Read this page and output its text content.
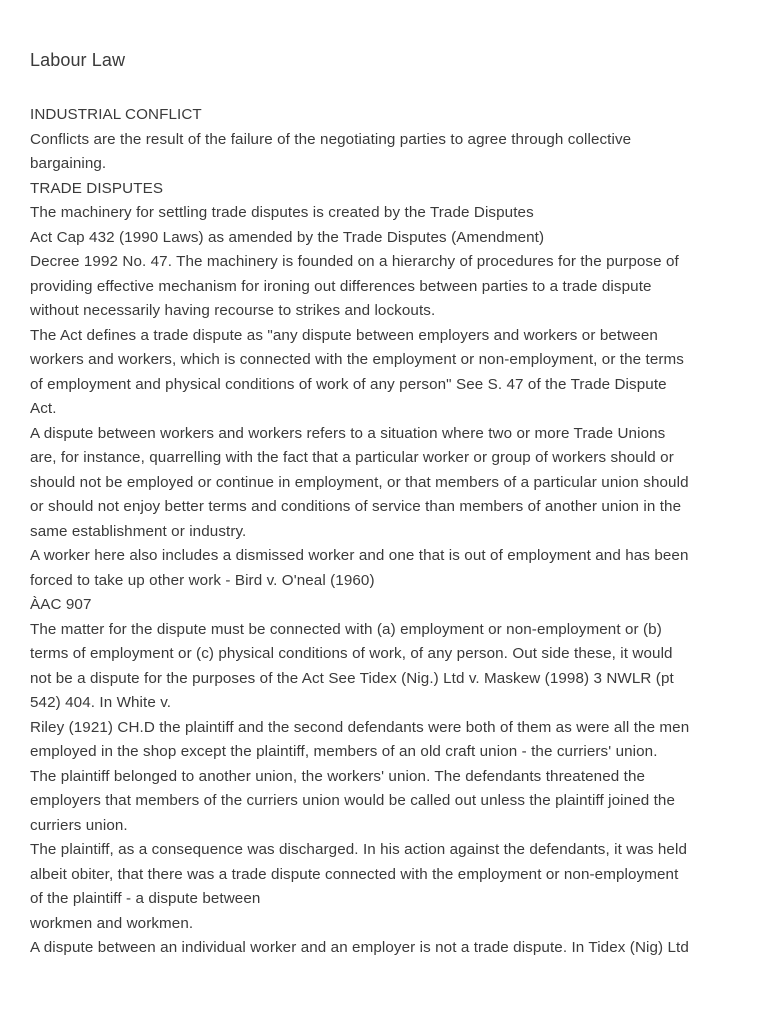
Labour Law
INDUSTRIAL CONFLICT
Conflicts are the result of the failure of the negotiating parties to agree through collective
bargaining.
TRADE DISPUTES
The machinery for settling trade disputes is created by the Trade Disputes
Act Cap 432 (1990 Laws) as amended by the Trade Disputes (Amendment)
Decree 1992 No. 47. The machinery is founded on a hierarchy of procedures for the purpose of
providing effective mechanism for ironing out differences between parties to a trade dispute
without necessarily having recourse to strikes and lockouts.
The Act defines a trade dispute as "any dispute between employers and workers or between
workers and workers, which is connected with the employment or non-employment, or the terms
of employment and physical conditions of work of any person" See S. 47 of the Trade Dispute
Act.
A dispute between workers and workers refers to a situation where two or more Trade Unions
are, for instance, quarrelling with the fact that a particular worker or group of workers should or
should not be employed or continue in employment, or that members of a particular union should
or should not enjoy better terms and conditions of service than members of another union in the
same establishment or industry.
A worker here also includes a dismissed worker and one that is out of employment and has been
forced to take up other work - Bird v. O'neal (1960)
ÀAC 907
The matter for the dispute must be connected with (a) employment or non-employment or (b)
terms of employment or (c) physical conditions of work, of any person. Out side these, it would
not be a dispute for the purposes of the Act See Tidex (Nig.) Ltd v. Maskew (1998) 3 NWLR (pt
542) 404. In White v.
Riley (1921) CH.D the plaintiff and the second defendants were both of them as were all the men
employed in the shop except the plaintiff, members of an old craft union - the curriers' union.
The plaintiff belonged to another union, the workers' union. The defendants threatened the
employers that members of the curriers union would be called out unless the plaintiff joined the
curriers union.
The plaintiff, as a consequence was discharged. In his action against the defendants, it was held
albeit obiter, that there was a trade dispute connected with the employment or non-employment
of the plaintiff - a dispute between
workmen and workmen.
A dispute between an individual worker and an employer is not a trade dispute. In Tidex (Nig) Ltd
